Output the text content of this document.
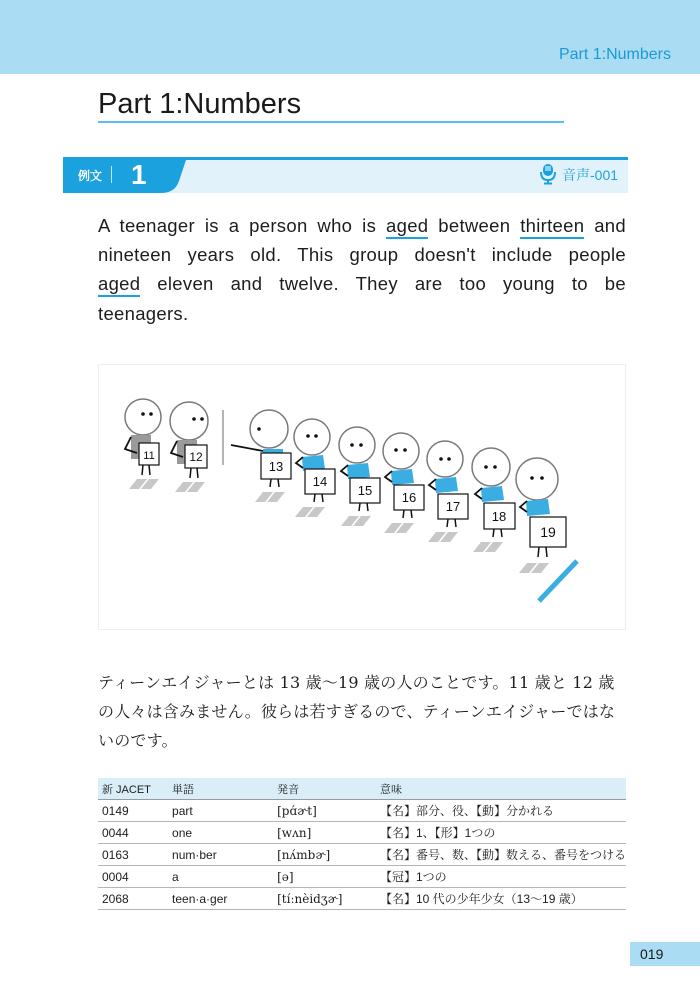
Part 1:Numbers
Part 1:Numbers
例文 1	音声-001
A teenager is a person who is aged between thirteen and nineteen years old. This group doesn't include people aged eleven and twelve. They are too young to be teenagers.
11	12
13
14
15 16
17
18
19
ティーンエイジャーとは 13 歳〜19 歳の人のことです。11 歳と 12 歳の人々は含みません。彼らは若すぎるので、ティーンエイジャーではないのです。
新 JACET	単語	発音	意味
0149	part	[pɑ́ɚt]	【名】部分、役、【動】分かれる
0044	one	[wʌn]	【名】1、【形】1つの
0163	num·ber	[nʌ́mbɚ]	【名】番号、数、【動】数える、番号をつける
0004	a	[ə]	【冠】1つの
2068	teen·a·ger	[tíːnèidʒɚ]	【名】10 代の少年少女（13〜19 歳）
019
